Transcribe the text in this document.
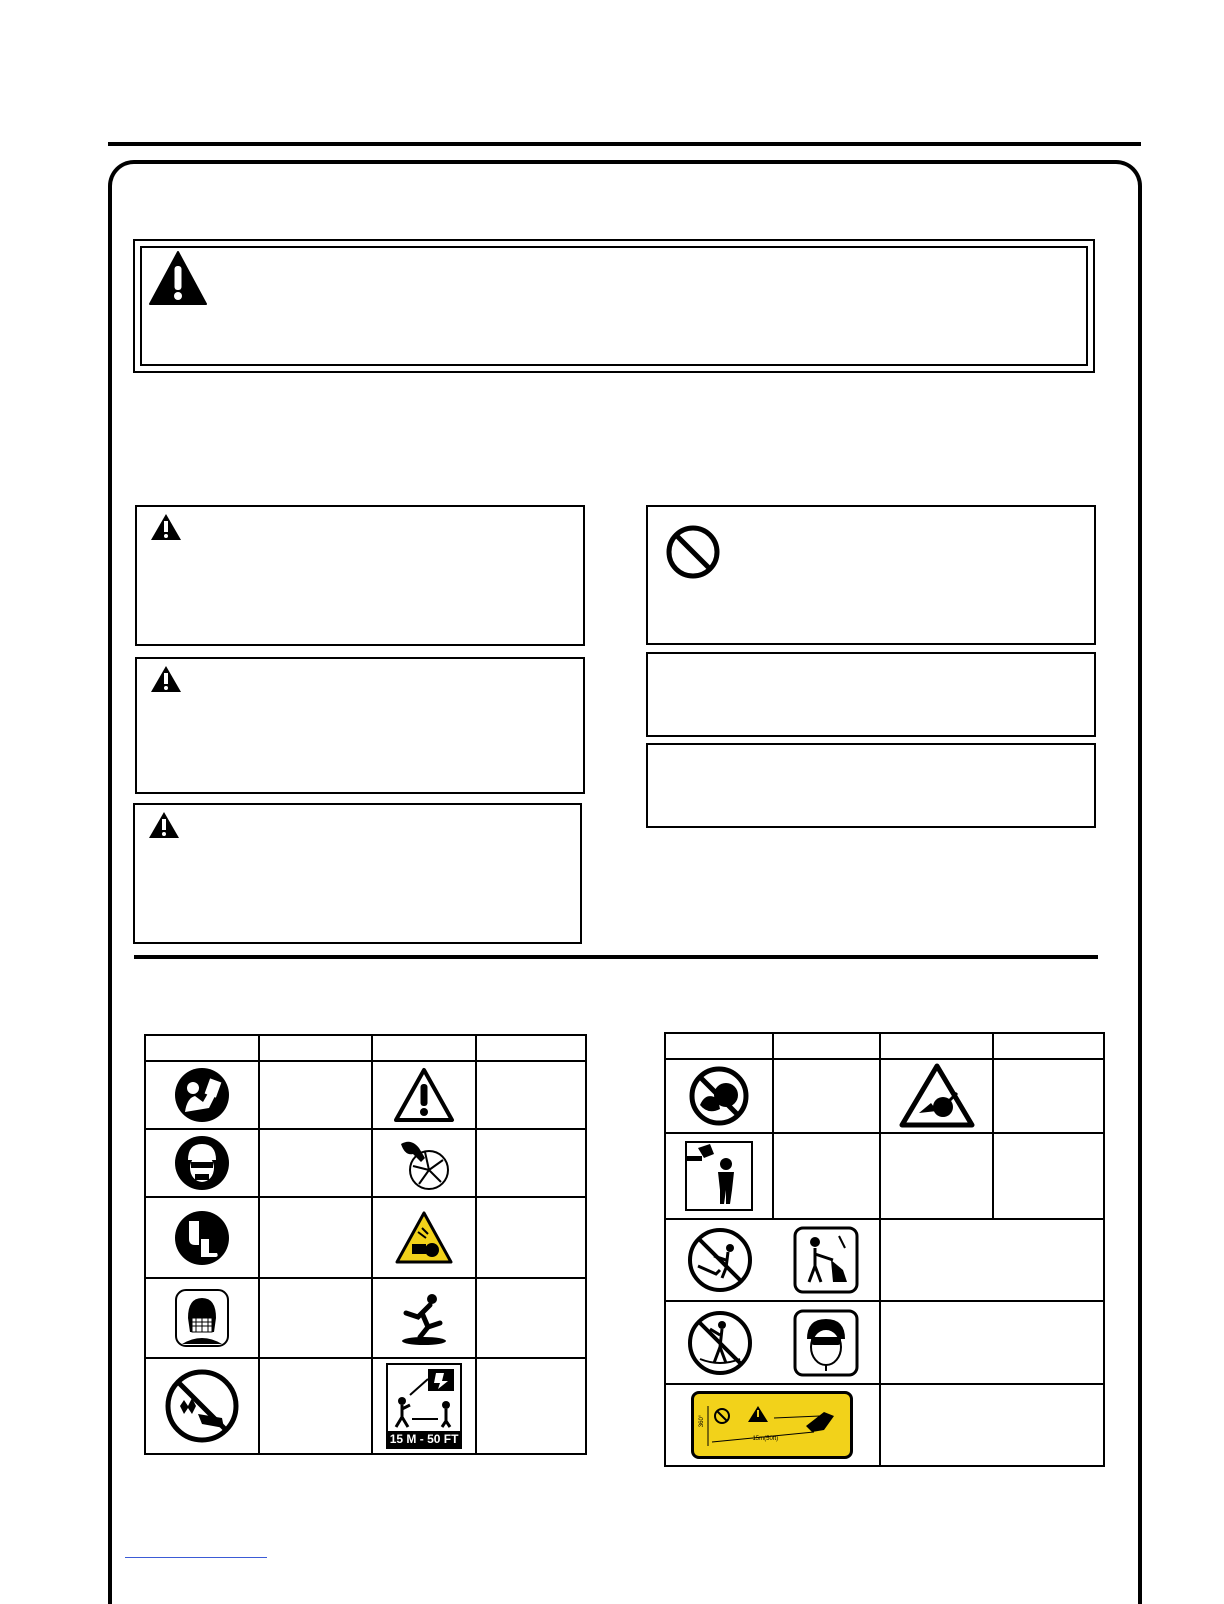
15 M - 50 FT	

		15m(50ft)
360°			
